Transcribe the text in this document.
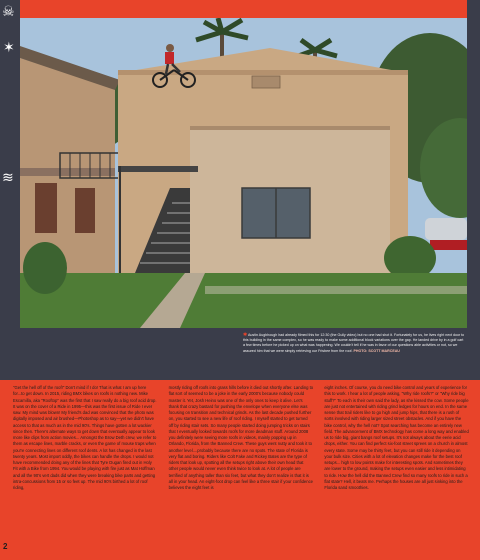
☠
✶
≋

✱ Austin Augbhough had already filmed this for 12:30 (the Gully video) but no one had shot it. Fortunately for us, he lives right next door to this building in the same complex, so he was ready to make some additional block variations over the gap. He landed drive by in a golf cart a few times before he picked up on what was happening. We couldn't tell if he was in favor of our questions able activities or not, so we assured him that we were simply retrieving our Frisbee from the roof. PHOTO: SCOTT MARCEAU

"Get the hell off of the roof!" Don't mind if I do! That is what I am up here for...to get down. In 2015, riding BMX bikes on roofs is nothing new. Mike Escamilla, aka "Rooftop" was the first that I saw really do a big roof acid drop. It was on the cover of a Ride in 1995—this was the first issue of Ride I ever saw. My mind was blown! My friend's dad was convinced that the photo was digitally imposed and air brushed—Photoshop as to say—yet we didn't have access to that as much as in the mid 90's. Things have gotten a lot wackier since then. There's alternate ways to get down that eventually appear to look more like clips from action movies... Amongst the Brow Deth crew, we refer to them as escape lines, marble cracks, or even the game of mouse traps when you're connecting lines on different roof dents. A lot has changed in the last twenty years. Most import oddly, the bikes can handle the drops. I would not have recommended doing any of the lines that Tyre Dugan fired out in Holy Fit with a Bike from 1994. You would be playing with fire just as Mat Hoffman and all the 90's vert dads did when they were breaking bike parts and getting intra-concussions from 15 or so feet up. The mid 90's birthed a lot of roof riding,

mostly riding off roofs into grass hills before it died out shortly after. Landing to flat sort of seemed to be a joke in the early 2000's because nobody could master it. Yet, Josh Heino was one of the only ones to keep it alive. Let's thank that crazy bastard for pushing the envelope when everyone else was focusing on transition and technical grinds. As the last decade pushed further on, you started to see a new life of roof riding. I myself started to get turned off by riding stair sets. So many people started doing jumping tricks on stairs that I eventually looked towards roofs for more deadman stuff. Around 2008 you definitely were seeing more roofs in videos, mainly popping up in Orlando, Florida, from the Banned Crew. These guys went nutty and took it to another level....probably because there are no spots. The state of Florida is very flat and boring. Riders like Colt Fake and Rickey Bates are the type of riders that look up, spotting all the setups right above their own head that other people would never even think twice to look at. A lot of people are terrified of anything taller than six feet, but what they don't realize is that it is all in your head. An eight-foot drop can feel like a three stair if your confidence believes the eight feet is

eight inches. Of course, you do need bike control and years of experience for this to work. I hear a lot of people asking, "Why ride roofs?" or "Why ride big stuff?" To each is their own said the lady, as she kissed the cow. Some people are just not entertained with riding grind ledges for hours on end. In the same sense that trail riders like to go high and jump hips, that there is a rush of sorts involved with riding larger sized street obstacles. And if you have the bike control, why the hell not? Spot searching has become an entirely new field. The advancement of BMX technology has come a long way and enabled us to ride big, giant bangs roof setups. It's not always about the eerie acid drops, either. You can find perfect six-foot street sprees on a church in almost every state. Some may be thirty feet, but you can still ride it depending on your bulk size. Cities with a lot of elevation changes make for the best roof setups... high to low points make for interesting spots. And sometimes they are lower to the ground, making the setups even easier and less intimidating to ride. How the hell did the Banned Crew find so many roofs to ride in such a flat state? Hell, it beats me. Perhaps the houses are all just sinking into the Florida sand smoothies.

2
